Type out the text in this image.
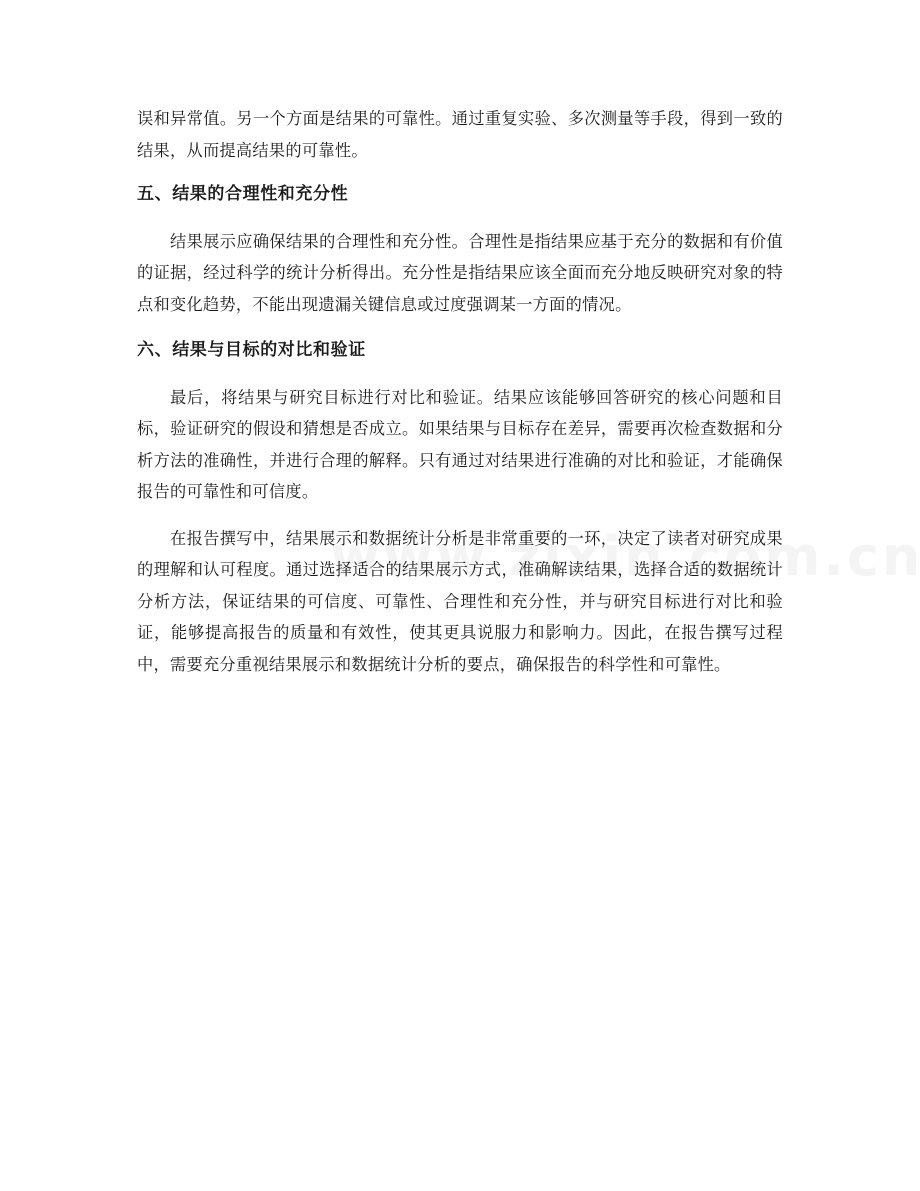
误和异常值。另一个方面是结果的可靠性。通过重复实验、多次测量等手段，得到一致的结果，从而提高结果的可靠性。

五、结果的合理性和充分性

结果展示应确保结果的合理性和充分性。合理性是指结果应基于充分的数据和有价值的证据，经过科学的统计分析得出。充分性是指结果应该全面而充分地反映研究对象的特点和变化趋势，不能出现遗漏关键信息或过度强调某一方面的情况。

六、结果与目标的对比和验证

最后，将结果与研究目标进行对比和验证。结果应该能够回答研究的核心问题和目标，验证研究的假设和猜想是否成立。如果结果与目标存在差异，需要再次检查数据和分析方法的准确性，并进行合理的解释。只有通过对结果进行准确的对比和验证，才能确保报告的可靠性和可信度。

在报告撰写中，结果展示和数据统计分析是非常重要的一环，决定了读者对研究成果的理解和认可程度。通过选择适合的结果展示方式，准确解读结果，选择合适的数据统计分析方法，保证结果的可信度、可靠性、合理性和充分性，并与研究目标进行对比和验证，能够提高报告的质量和有效性，使其更具说服力和影响力。因此，在报告撰写过程中，需要充分重视结果展示和数据统计分析的要点，确保报告的科学性和可靠性。
